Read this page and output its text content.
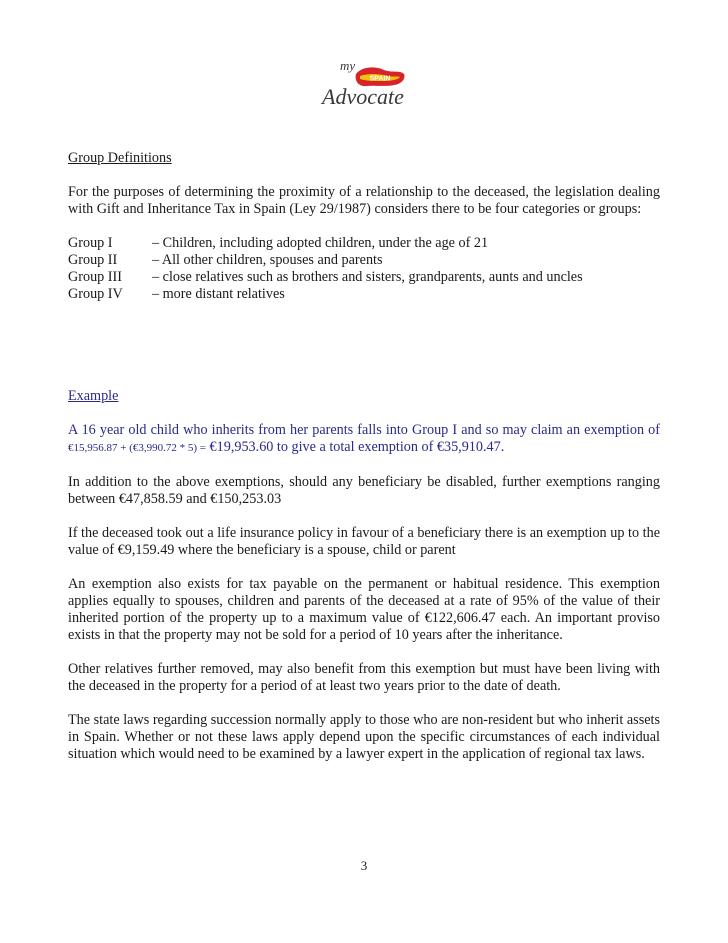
SPAIN
my
Advocate
Group Definitions

For the purposes of determining the proximity of a relationship to the deceased, the legislation dealing with Gift and Inheritance Tax in Spain (Ley 29/1987) considers there to be four categories or groups:

Group I	– Children, including adopted children, under the age of 21
Group II	– All other children, spouses and parents
Group III	– close relatives such as brothers and sisters, grandparents, aunts and uncles
Group IV	– more distant relatives
Example

A 16 year old child who inherits from her parents falls into Group I and so may claim an exemption of €15,956.87 + (€3,990.72 * 5) = €19,953.60 to give a total exemption of €35,910.47.

In addition to the above exemptions, should any beneficiary be disabled, further exemptions ranging between €47,858.59 and €150,253.03

If the deceased took out a life insurance policy in favour of a beneficiary there is an exemption up to the value of €9,159.49 where the beneficiary is a spouse, child or parent

An exemption also exists for tax payable on the permanent or habitual residence. This exemption applies equally to spouses, children and parents of the deceased at a rate of 95% of the value of their inherited portion of the property up to a maximum value of €122,606.47 each. An important proviso exists in that the property may not be sold for a period of 10 years after the inheritance.

Other relatives further removed, may also benefit from this exemption but must have been living with the deceased in the property for a period of at least two years prior to the date of death.

The state laws regarding succession normally apply to those who are non-resident but who inherit assets in Spain. Whether or not these laws apply depend upon the specific circumstances of each individual situation which would need to be examined by a lawyer expert in the application of regional tax laws.

3
